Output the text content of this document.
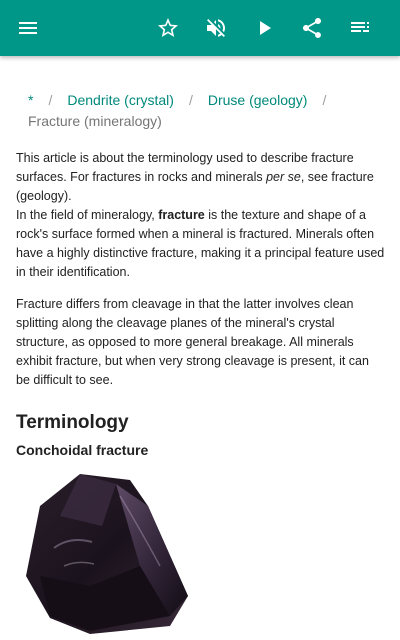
* / Dendrite (crystal) / Druse (geology) /
Fracture (mineralogy)

This article is about the terminology used to describe fracture surfaces. For fractures in rocks and minerals per se, see fracture (geology).

In the field of mineralogy, fracture is the texture and shape of a rock's surface formed when a mineral is fractured. Minerals often have a highly distinctive fracture, making it a principal feature used in their identification.

Fracture differs from cleavage in that the latter involves clean splitting along the cleavage planes of the mineral's crystal structure, as opposed to more general breakage. All minerals exhibit fracture, but when very strong cleavage is present, it can be difficult to see.

Terminology
Conchoidal fracture
